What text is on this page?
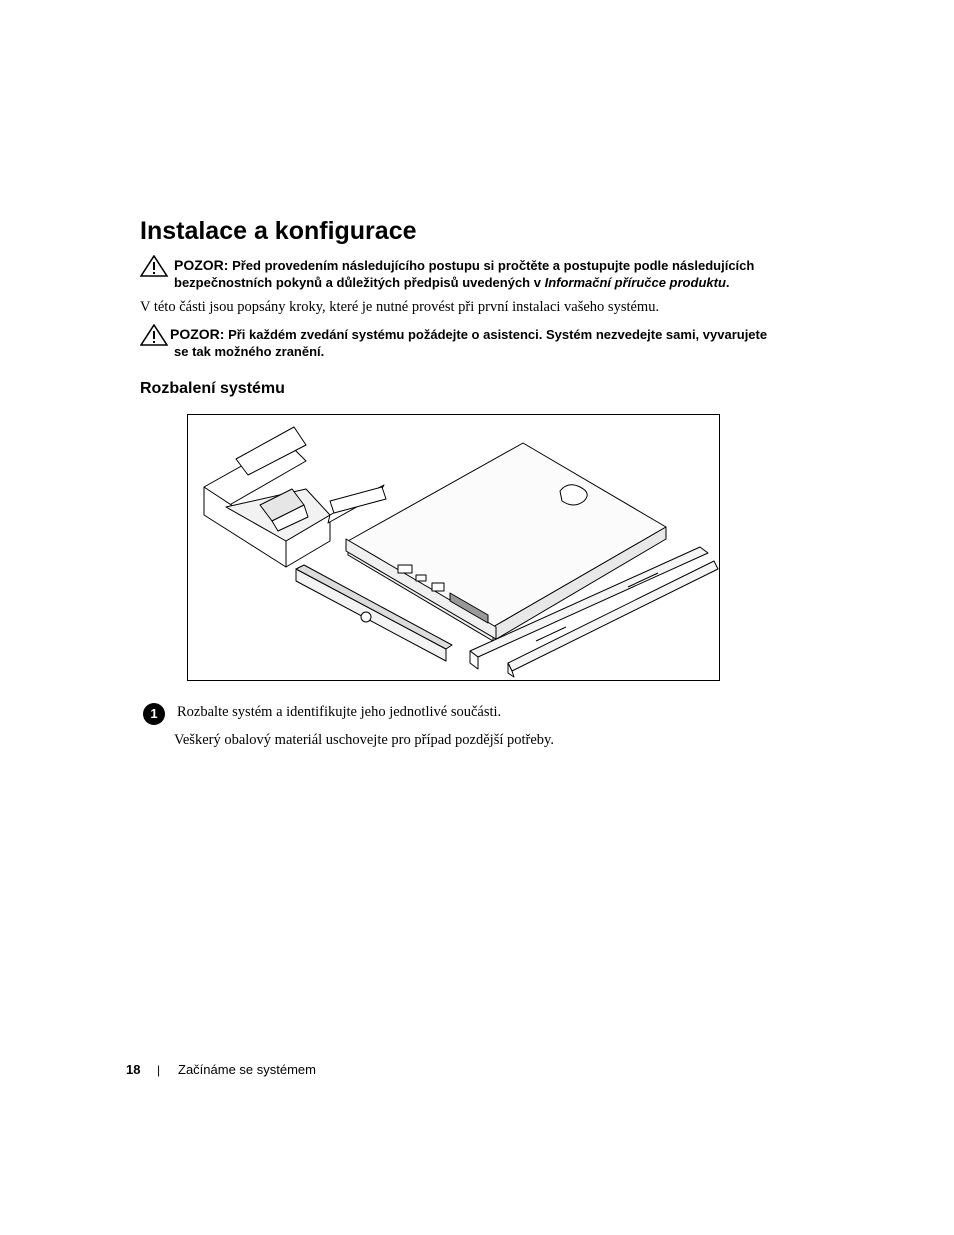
Instalace a konfigurace
POZOR: Před provedením následujícího postupu si pročtěte a postupujte podle následujících
bezpečnostních pokynů a důležitých předpisů uvedených v Informační příručce produktu.
V této části jsou popsány kroky, které je nutné provést při první instalaci vašeho systému.
POZOR: Při každém zvedání systému požádejte o asistenci. Systém nezvedejte sami, vyvarujete
se tak možného zranění.
Rozbalení systému
1	Rozbalte systém a identifikujte jeho jednotlivé součásti.
Veškerý obalový materiál uschovejte pro případ pozdější potřeby.
18 | Začínáme se systémem
